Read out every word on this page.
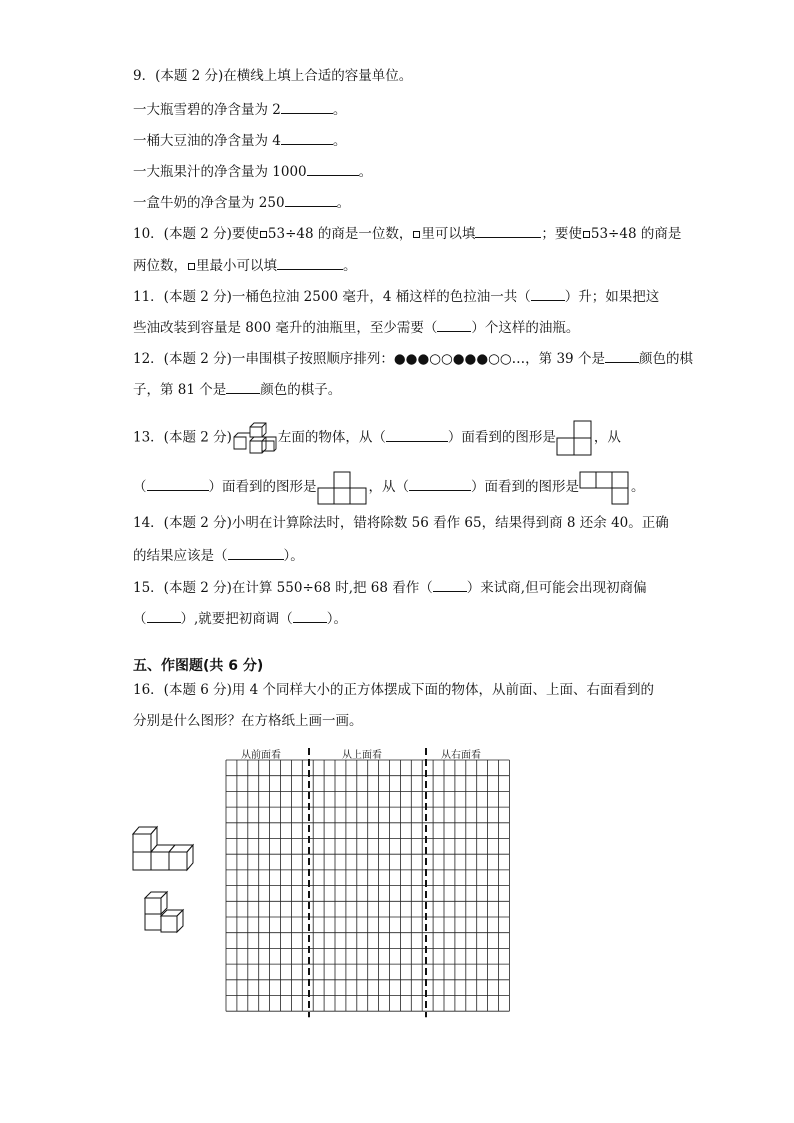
9．(本题 2 分)在横线上填上合适的容量单位。
一大瓶雪碧的净含量为 2	。
一桶大豆油的净含量为 4	。
一大瓶果汁的净含量为 1000	。
一盒牛奶的净含量为 250	。
10．(本题 2 分)要使 53÷48 的商是一位数， 里可以填	；要使 53÷48 的商是
两位数， 里最小可以填	。
11．(本题 2 分)一桶色拉油 2500 毫升，4 桶这样的色拉油一共（	）升；如果把这
些油改装到容量是 800 毫升的油瓶里，至少需要（	）个这样的油瓶。
12．(本题 2 分)一串围棋子按照顺序排列：●●●○○●●●○○…，第 39 个是	颜色的棋
子，第 81 个是	颜色的棋子。
13．(本题 2 分)	左面的物体，从（	）面看到的图形是	，从
（	）面看到的图形是	，从（	）面看到的图形是	。
14．(本题 2 分)小明在计算除法时，错将除数 56 看作 65，结果得到商 8 还余 40。正确
的结果应该是（	）。
15．(本题 2 分)在计算 550÷68 时,把 68 看作（	）来试商,但可能会出现初商偏
（	）,就要把初商调（	）。
五、作图题(共 6 分)
16．(本题 6 分)用 4 个同样大小的正方体摆成下面的物体，从前面、上面、右面看到的
分别是什么图形？在方格纸上画一画。
从前面看	从上面看	从右面看
